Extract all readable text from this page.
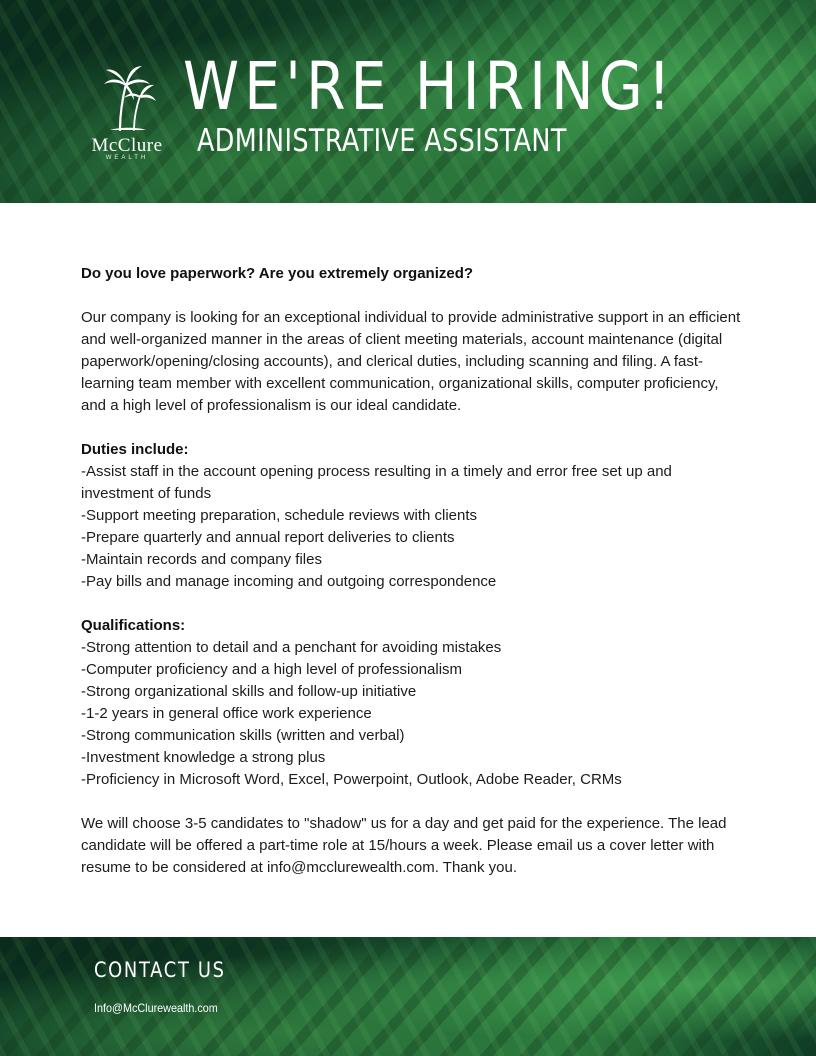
McClure
WEALTH
WE'RE HIRING!
ADMINISTRATIVE ASSISTANT

Do you love paperwork? Are you extremely organized?

Our company is looking for an exceptional individual to provide administrative support in an efficient and well-organized manner in the areas of client meeting materials, account maintenance (digital paperwork/opening/closing accounts), and clerical duties, including scanning and filing. A fast-learning team member with excellent communication, organizational skills, computer proficiency, and a high level of professionalism is our ideal candidate.

Duties include:

-Assist staff in the account opening process resulting in a timely and error free set up and investment of funds

-Support meeting preparation, schedule reviews with clients

-Prepare quarterly and annual report deliveries to clients

-Maintain records and company files

-Pay bills and manage incoming and outgoing correspondence

Qualifications:

-Strong attention to detail and a penchant for avoiding mistakes

-Computer proficiency and a high level of professionalism

-Strong organizational skills and follow-up initiative

-1-2 years in general office work experience

-Strong communication skills (written and verbal)

-Investment knowledge a strong plus

-Proficiency in Microsoft Word, Excel, Powerpoint, Outlook, Adobe Reader, CRMs

We will choose 3-5 candidates to "shadow" us for a day and get paid for the experience. The lead candidate will be offered a part-time role at 15/hours a week. Please email us a cover letter with resume to be considered at info@mcclurewealth.com. Thank you.

CONTACT US
Info@McClurewealth.com
